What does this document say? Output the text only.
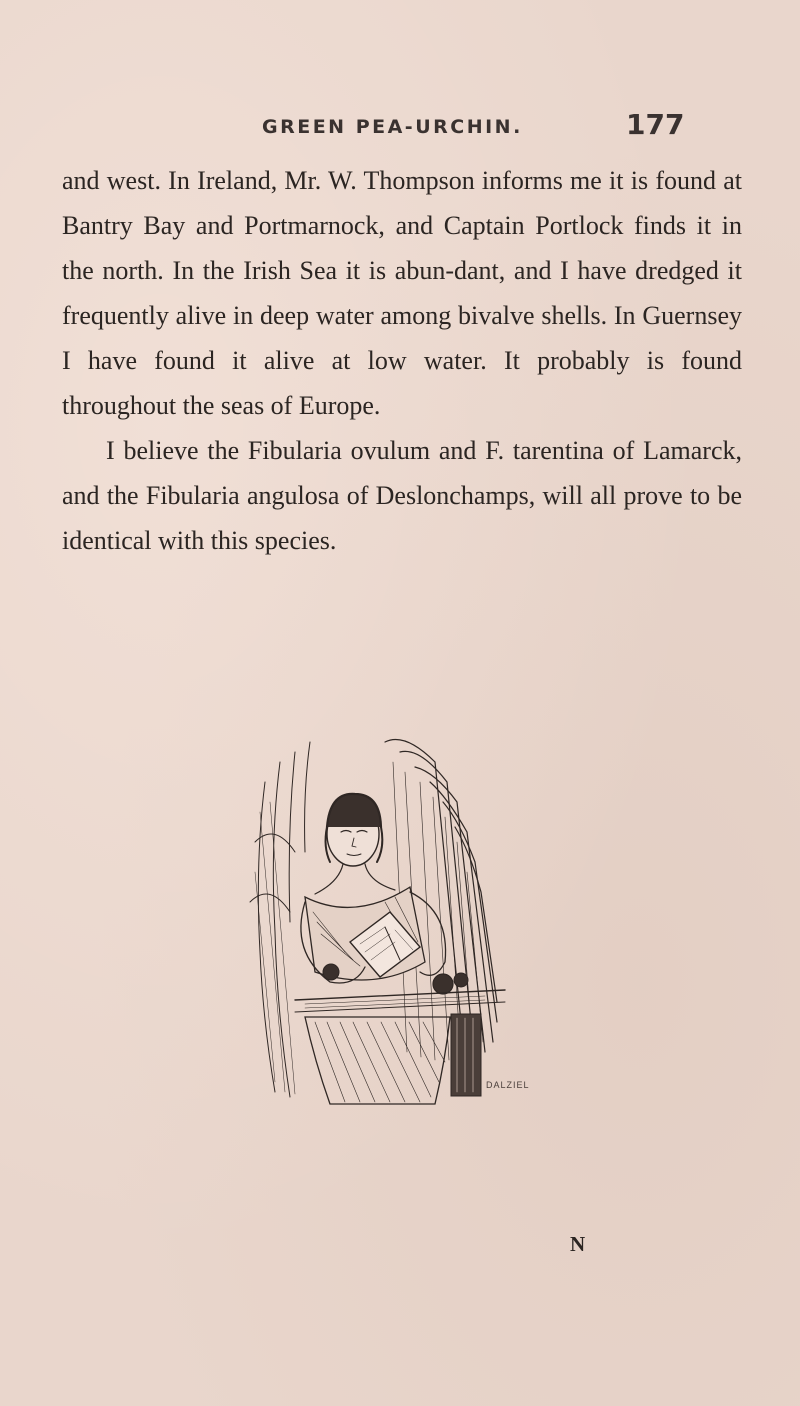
GREEN PEA-URCHIN.	177

and west. In Ireland, Mr. W. Thompson informs me it is found at Bantry Bay and Portmarnock, and Captain Portlock finds it in the north. In the Irish Sea it is abun-dant, and I have dredged it frequently alive in deep water among bivalve shells. In Guernsey I have found it alive at low water. It probably is found throughout the seas of Europe.

I believe the Fibularia ovulum and F. tarentina of Lamarck, and the Fibularia angulosa of Deslonchamps, will all prove to be identical with this species.

DALZIEL
N
